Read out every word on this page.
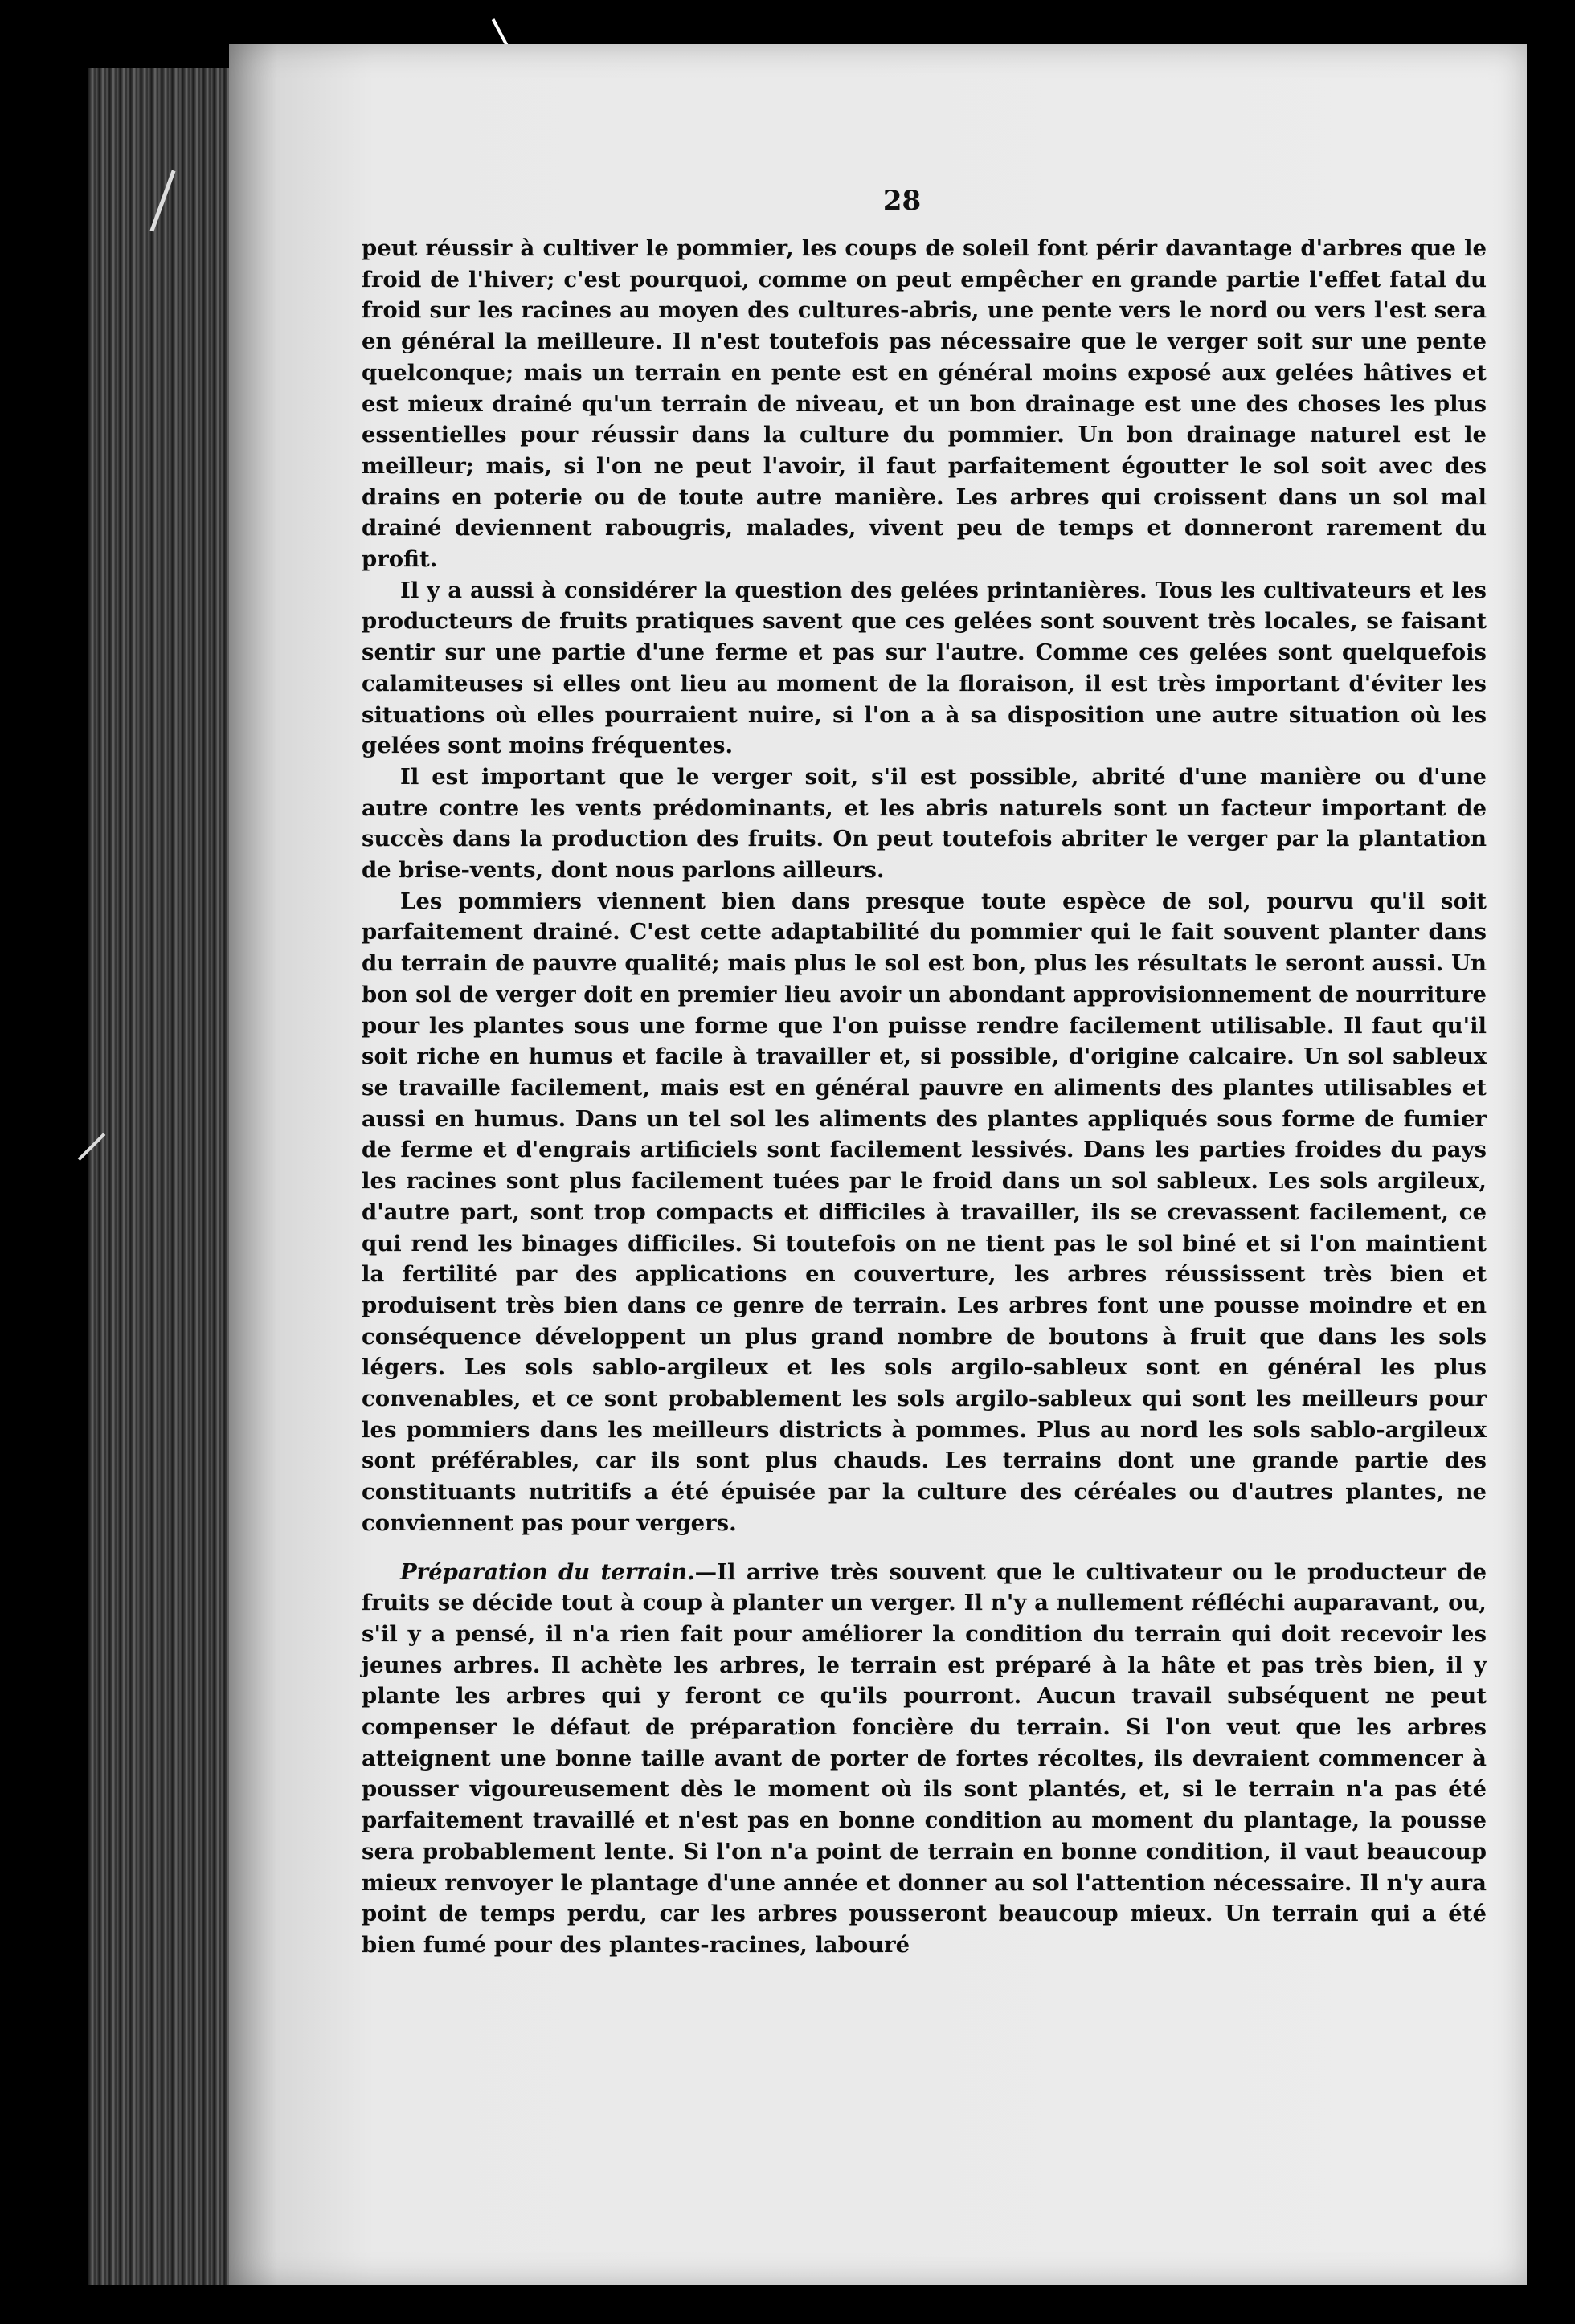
28

peut réussir à cultiver le pommier, les coups de soleil font périr davantage d'arbres que le froid de l'hiver; c'est pourquoi, comme on peut empêcher en grande partie l'effet fatal du froid sur les racines au moyen des cultures-abris, une pente vers le nord ou vers l'est sera en général la meilleure. Il n'est toutefois pas nécessaire que le verger soit sur une pente quelconque; mais un terrain en pente est en général moins exposé aux gelées hâtives et est mieux drainé qu'un terrain de niveau, et un bon drainage est une des choses les plus essentielles pour réussir dans la culture du pommier. Un bon drainage naturel est le meilleur; mais, si l'on ne peut l'avoir, il faut parfaitement égoutter le sol soit avec des drains en poterie ou de toute autre manière. Les arbres qui croissent dans un sol mal drainé deviennent rabougris, malades, vivent peu de temps et donneront rarement du profit.

Il y a aussi à considérer la question des gelées printanières. Tous les cultivateurs et les producteurs de fruits pratiques savent que ces gelées sont souvent très locales, se faisant sentir sur une partie d'une ferme et pas sur l'autre. Comme ces gelées sont quelquefois calamiteuses si elles ont lieu au moment de la floraison, il est très important d'éviter les situations où elles pourraient nuire, si l'on a à sa disposition une autre situation où les gelées sont moins fréquentes.

Il est important que le verger soit, s'il est possible, abrité d'une manière ou d'une autre contre les vents prédominants, et les abris naturels sont un facteur important de succès dans la production des fruits. On peut toutefois abriter le verger par la plantation de brise-vents, dont nous parlons ailleurs.

Les pommiers viennent bien dans presque toute espèce de sol, pourvu qu'il soit parfaitement drainé. C'est cette adaptabilité du pommier qui le fait souvent planter dans du terrain de pauvre qualité; mais plus le sol est bon, plus les résultats le seront aussi. Un bon sol de verger doit en premier lieu avoir un abondant approvisionnement de nourriture pour les plantes sous une forme que l'on puisse rendre facilement utilisable. Il faut qu'il soit riche en humus et facile à travailler et, si possible, d'origine calcaire. Un sol sableux se travaille facilement, mais est en général pauvre en aliments des plantes utilisables et aussi en humus. Dans un tel sol les aliments des plantes appliqués sous forme de fumier de ferme et d'engrais artificiels sont facilement lessivés. Dans les parties froides du pays les racines sont plus facilement tuées par le froid dans un sol sableux. Les sols argileux, d'autre part, sont trop compacts et difficiles à travailler, ils se crevassent facilement, ce qui rend les binages difficiles. Si toutefois on ne tient pas le sol biné et si l'on maintient la fertilité par des applications en couverture, les arbres réussissent très bien et produisent très bien dans ce genre de terrain. Les arbres font une pousse moindre et en conséquence développent un plus grand nombre de boutons à fruit que dans les sols légers. Les sols sablo-argileux et les sols argilo-sableux sont en général les plus convenables, et ce sont probablement les sols argilo-sableux qui sont les meilleurs pour les pommiers dans les meilleurs districts à pommes. Plus au nord les sols sablo-argileux sont préférables, car ils sont plus chauds. Les terrains dont une grande partie des constituants nutritifs a été épuisée par la culture des céréales ou d'autres plantes, ne conviennent pas pour vergers.

Préparation du terrain.—Il arrive très souvent que le cultivateur ou le producteur de fruits se décide tout à coup à planter un verger. Il n'y a nullement réfléchi auparavant, ou, s'il y a pensé, il n'a rien fait pour améliorer la condition du terrain qui doit recevoir les jeunes arbres. Il achète les arbres, le terrain est préparé à la hâte et pas très bien, il y plante les arbres qui y feront ce qu'ils pourront. Aucun travail subséquent ne peut compenser le défaut de préparation foncière du terrain. Si l'on veut que les arbres atteignent une bonne taille avant de porter de fortes récoltes, ils devraient commencer à pousser vigoureusement dès le moment où ils sont plantés, et, si le terrain n'a pas été parfaitement travaillé et n'est pas en bonne condition au moment du plantage, la pousse sera probablement lente. Si l'on n'a point de terrain en bonne condition, il vaut beaucoup mieux renvoyer le plantage d'une année et donner au sol l'attention nécessaire. Il n'y aura point de temps perdu, car les arbres pousseront beaucoup mieux. Un terrain qui a été bien fumé pour des plantes-racines, labouré
